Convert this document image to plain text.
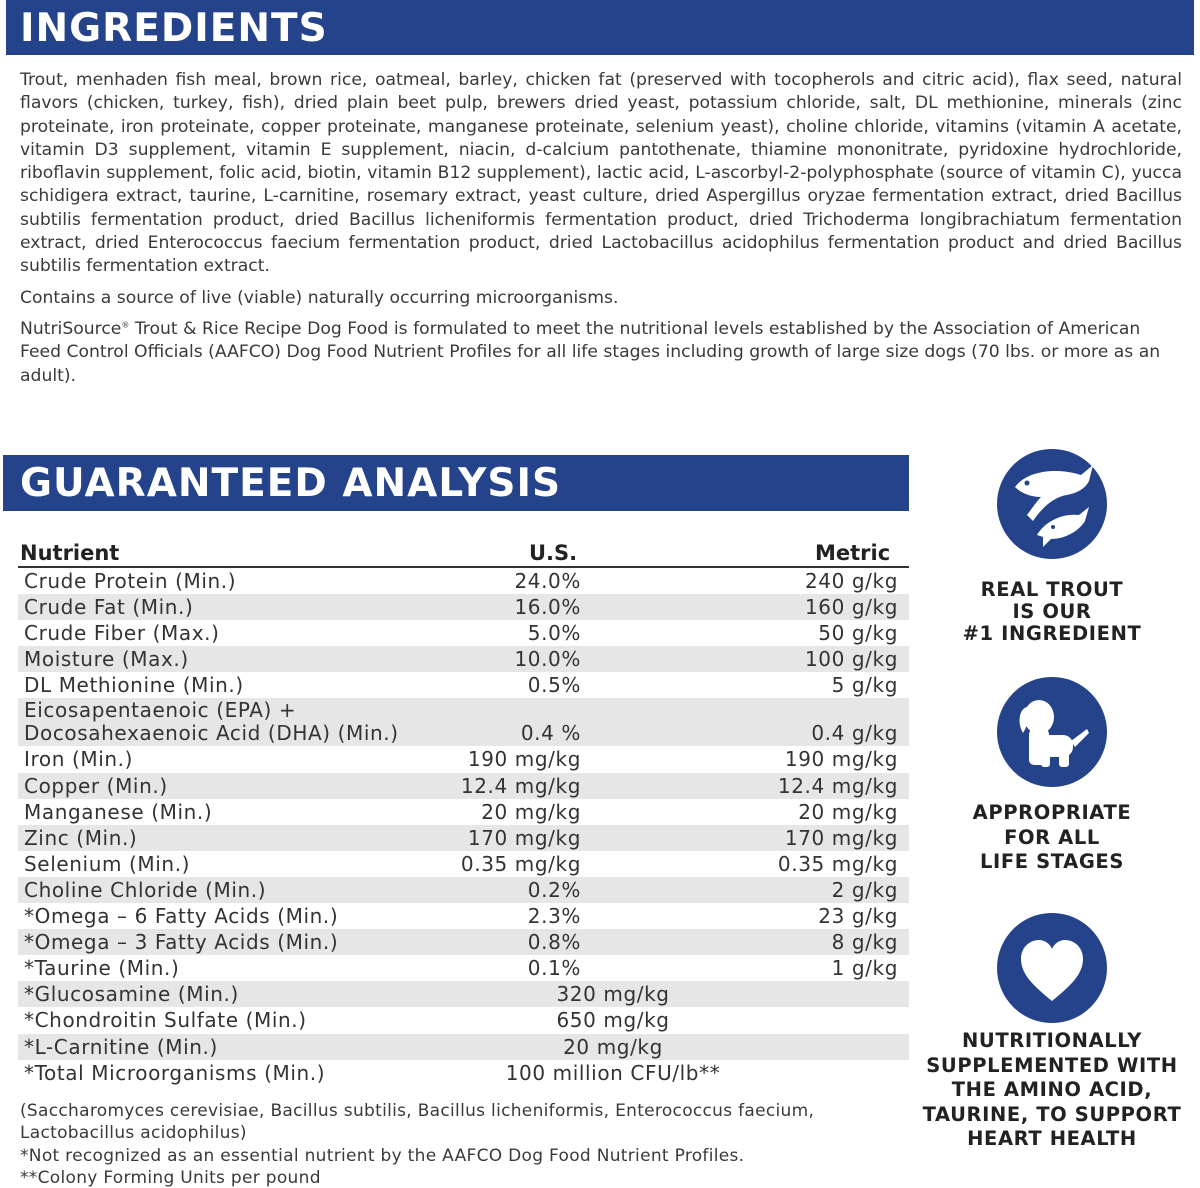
INGREDIENTS

Trout, menhaden fish meal, brown rice, oatmeal, barley, chicken fat (preserved with tocopherols and citric acid), flax seed, natural flavors (chicken, turkey, fish), dried plain beet pulp, brewers dried yeast, potassium chloride, salt, DL methionine, minerals (zinc proteinate, iron proteinate, copper proteinate, manganese proteinate, selenium yeast), choline chloride, vitamins (vitamin A acetate, vitamin D3 supplement, vitamin E supplement, niacin, d-calcium pantothenate, thiamine mononitrate, pyridoxine hydrochloride, riboflavin supplement, folic acid, biotin, vitamin B12 supplement), lactic acid, L-ascorbyl-2-polyphosphate (source of vitamin C), yucca schidigera extract, taurine, L-carnitine, rosemary extract, yeast culture, dried Aspergillus oryzae fermentation extract, dried Bacillus subtilis fermentation product, dried Bacillus licheniformis fermentation product, dried Trichoderma longibrachiatum fermentation extract, dried Enterococcus faecium fermentation product, dried Lactobacillus acidophilus fermentation product and dried Bacillus subtilis fermentation extract.

Contains a source of live (viable) naturally occurring microorganisms.

NutriSource® Trout & Rice Recipe Dog Food is formulated to meet the nutritional levels established by the Association of American Feed Control Officials (AAFCO) Dog Food Nutrient Profiles for all life stages including growth of large size dogs (70 lbs. or more as an adult).

GUARANTEED ANALYSIS
Nutrient	U.S.	Metric
Crude Protein (Min.)	24.0%	240 g/kg
Crude Fat (Min.)	16.0%	160 g/kg
Crude Fiber (Max.)	5.0%	50 g/kg
Moisture (Max.)	10.0%	100 g/kg
DL Methionine (Min.)	0.5%	5 g/kg
Eicosapentaenoic (EPA) +
Docosahexaenoic Acid (DHA) (Min.)	0.4 %	0.4 g/kg
Iron (Min.)	190 mg/kg	190 mg/kg
Copper (Min.)	12.4 mg/kg	12.4 mg/kg
Manganese (Min.)	20 mg/kg	20 mg/kg
Zinc (Min.)	170 mg/kg	170 mg/kg
Selenium (Min.)	0.35 mg/kg	0.35 mg/kg
Choline Chloride (Min.)	0.2%	2 g/kg
*Omega – 6 Fatty Acids (Min.)	2.3%	23 g/kg
*Omega – 3 Fatty Acids (Min.)	0.8%	8 g/kg
*Taurine (Min.)	0.1%	1 g/kg
*Glucosamine (Min.)	320 mg/kg
*Chondroitin Sulfate (Min.)	650 mg/kg
*L-Carnitine (Min.)	20 mg/kg
*Total Microorganisms (Min.)	100 million CFU/lb**
(Saccharomyces cerevisiae, Bacillus subtilis, Bacillus licheniformis, Enterococcus faecium, Lactobacillus acidophilus)
*Not recognized as an essential nutrient by the AAFCO Dog Food Nutrient Profiles.
**Colony Forming Units per pound
REAL TROUT
IS OUR
#1 INGREDIENT
APPROPRIATE
FOR ALL
LIFE STAGES
NUTRITIONALLY
SUPPLEMENTED WITH
THE AMINO ACID,
TAURINE, TO SUPPORT
HEART HEALTH
